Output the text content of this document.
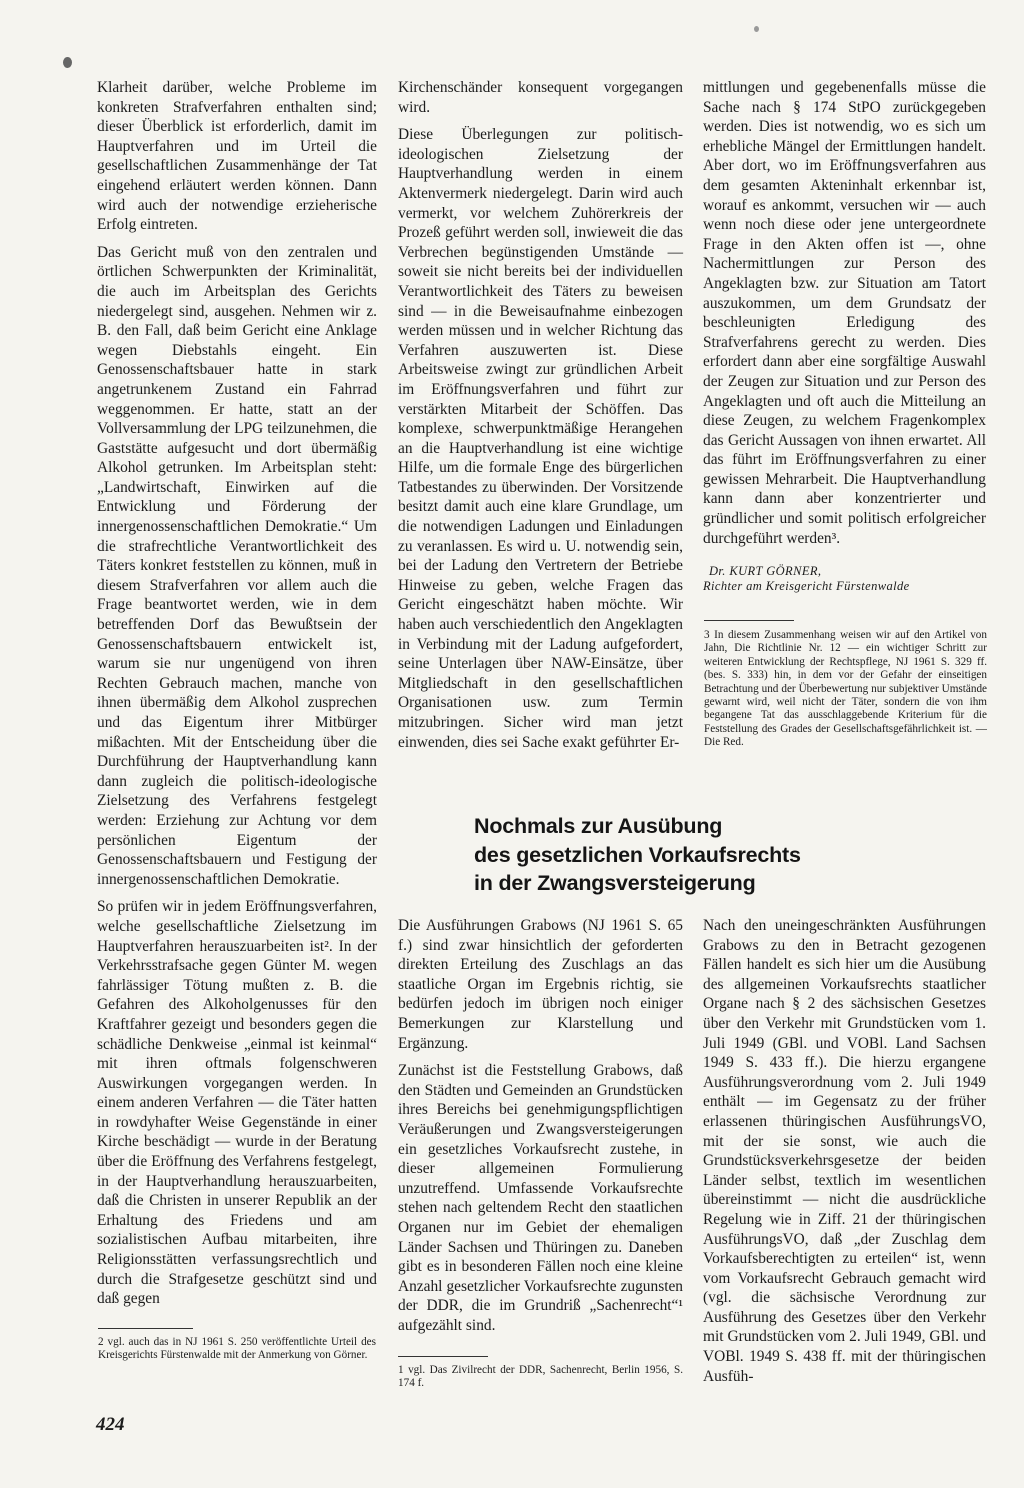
Klarheit darüber, welche Probleme im konkreten Strafverfahren enthalten sind; dieser Überblick ist erforderlich, damit im Hauptverfahren und im Urteil die gesellschaftlichen Zusammenhänge der Tat eingehend erläutert werden können. Dann wird auch der notwendige erzieherische Erfolg eintreten.

Das Gericht muß von den zentralen und örtlichen Schwerpunkten der Kriminalität, die auch im Arbeitsplan des Gerichts niedergelegt sind, ausgehen. Nehmen wir z. B. den Fall, daß beim Gericht eine Anklage wegen Diebstahls eingeht. Ein Genossenschaftsbauer hatte in stark angetrunkenem Zustand ein Fahrrad weggenommen. Er hatte, statt an der Vollversammlung der LPG teilzunehmen, die Gaststätte aufgesucht und dort übermäßig Alkohol getrunken. Im Arbeitsplan steht: „Landwirtschaft, Einwirken auf die Entwicklung und Förderung der innergenossenschaftlichen Demokratie.“ Um die strafrechtliche Verantwortlichkeit des Täters konkret feststellen zu können, muß in diesem Strafverfahren vor allem auch die Frage beantwortet werden, wie in dem betreffenden Dorf das Bewußtsein der Genossenschaftsbauern entwickelt ist, warum sie nur ungenügend von ihren Rechten Gebrauch machen, manche von ihnen übermäßig dem Alkohol zusprechen und das Eigentum ihrer Mitbürger mißachten. Mit der Entscheidung über die Durchführung der Hauptverhandlung kann dann zugleich die politisch-ideologische Zielsetzung des Verfahrens festgelegt werden: Erziehung zur Achtung vor dem persönlichen Eigentum der Genossenschaftsbauern und Festigung der innergenossenschaftlichen Demokratie.

So prüfen wir in jedem Eröffnungsverfahren, welche gesellschaftliche Zielsetzung im Hauptverfahren herauszuarbeiten ist². In der Verkehrsstrafsache gegen Günter M. wegen fahrlässiger Tötung mußten z. B. die Gefahren des Alkoholgenusses für den Kraftfahrer gezeigt und besonders gegen die schädliche Denkweise „einmal ist keinmal“ mit ihren oftmals folgenschweren Auswirkungen vorgegangen werden. In einem anderen Verfahren — die Täter hatten in rowdyhafter Weise Gegenstände in einer Kirche beschädigt — wurde in der Beratung über die Eröffnung des Verfahrens festgelegt, in der Hauptverhandlung herauszuarbeiten, daß die Christen in unserer Republik an der Erhaltung des Friedens und am sozialistischen Aufbau mitarbeiten, ihre Religionsstätten verfassungsrechtlich und durch die Strafgesetze geschützt sind und daß gegen

2 vgl. auch das in NJ 1961 S. 250 veröffentlichte Urteil des Kreisgerichts Fürstenwalde mit der Anmerkung von Görner.

Kirchenschänder konsequent vorgegangen wird.

Diese Überlegungen zur politisch-ideologischen Zielsetzung der Hauptverhandlung werden in einem Aktenvermerk niedergelegt. Darin wird auch vermerkt, vor welchem Zuhörerkreis der Prozeß geführt werden soll, inwieweit die das Verbrechen begünstigenden Umstände — soweit sie nicht bereits bei der individuellen Verantwortlichkeit des Täters zu beweisen sind — in die Beweisaufnahme einbezogen werden müssen und in welcher Richtung das Verfahren auszuwerten ist. Diese Arbeitsweise zwingt zur gründlichen Arbeit im Eröffnungsverfahren und führt zur verstärkten Mitarbeit der Schöffen. Das komplexe, schwerpunktmäßige Herangehen an die Hauptverhandlung ist eine wichtige Hilfe, um die formale Enge des bürgerlichen Tatbestandes zu überwinden. Der Vorsitzende besitzt damit auch eine klare Grundlage, um die notwendigen Ladungen und Einladungen zu veranlassen. Es wird u. U. notwendig sein, bei der Ladung den Vertretern der Betriebe Hinweise zu geben, welche Fragen das Gericht eingeschätzt haben möchte. Wir haben auch verschiedentlich den Angeklagten in Verbindung mit der Ladung aufgefordert, seine Unterlagen über NAW-Einsätze, über Mitgliedschaft in den gesellschaftlichen Organisationen usw. zum Termin mitzubringen. Sicher wird man jetzt einwenden, dies sei Sache exakt geführter Er-

mittlungen und gegebenenfalls müsse die Sache nach § 174 StPO zurückgegeben werden. Dies ist notwendig, wo es sich um erhebliche Mängel der Ermittlungen handelt. Aber dort, wo im Eröffnungsverfahren aus dem gesamten Akteninhalt erkennbar ist, worauf es ankommt, versuchen wir — auch wenn noch diese oder jene untergeordnete Frage in den Akten offen ist —, ohne Nachermittlungen zur Person des Angeklagten bzw. zur Situation am Tatort auszukommen, um dem Grundsatz der beschleunigten Erledigung des Strafverfahrens gerecht zu werden. Dies erfordert dann aber eine sorgfältige Auswahl der Zeugen zur Situation und zur Person des Angeklagten und oft auch die Mitteilung an diese Zeugen, zu welchem Fragenkomplex das Gericht Aussagen von ihnen erwartet. All das führt im Eröffnungsverfahren zu einer gewissen Mehrarbeit. Die Hauptverhandlung kann dann aber konzentrierter und gründlicher und somit politisch erfolgreicher durchgeführt werden³.

Dr. KURT GÖRNER,
Richter am Kreisgericht Fürstenwalde
3 In diesem Zusammenhang weisen wir auf den Artikel von Jahn, Die Richtlinie Nr. 12 — ein wichtiger Schritt zur weiteren Entwicklung der Rechtspflege, NJ 1961 S. 329 ff. (bes. S. 333) hin, in dem vor der Gefahr der einseitigen Betrachtung und der Überbewertung nur subjektiver Umstände gewarnt wird, weil nicht der Täter, sondern die von ihm begangene Tat das ausschlaggebende Kriterium für die Feststellung des Grades der Gesellschaftsgefährlichkeit ist. — Die Red.
Nochmals zur Ausübung
des gesetzlichen Vorkaufsrechts
in der Zwangsversteigerung

Die Ausführungen Grabows (NJ 1961 S. 65 f.) sind zwar hinsichtlich der geforderten direkten Erteilung des Zuschlags an das staatliche Organ im Ergebnis richtig, sie bedürfen jedoch im übrigen noch einiger Bemerkungen zur Klarstellung und Ergänzung.

Zunächst ist die Feststellung Grabows, daß den Städten und Gemeinden an Grundstücken ihres Bereichs bei genehmigungspflichtigen Veräußerungen und Zwangsversteigerungen ein gesetzliches Vorkaufsrecht zustehe, in dieser allgemeinen Formulierung unzutreffend. Umfassende Vorkaufsrechte stehen nach geltendem Recht den staatlichen Organen nur im Gebiet der ehemaligen Länder Sachsen und Thüringen zu. Daneben gibt es in besonderen Fällen noch eine kleine Anzahl gesetzlicher Vorkaufsrechte zugunsten der DDR, die im Grundriß „Sachenrecht“¹ aufgezählt sind.

1 vgl. Das Zivilrecht der DDR, Sachenrecht, Berlin 1956, S. 174 f.

Nach den uneingeschränkten Ausführungen Grabows zu den in Betracht gezogenen Fällen handelt es sich hier um die Ausübung des allgemeinen Vorkaufsrechts staatlicher Organe nach § 2 des sächsischen Gesetzes über den Verkehr mit Grundstücken vom 1. Juli 1949 (GBl. und VOBl. Land Sachsen 1949 S. 433 ff.). Die hierzu ergangene Ausführungsverordnung vom 2. Juli 1949 enthält — im Gegensatz zu der früher erlassenen thüringischen AusführungsVO, mit der sie sonst, wie auch die Grundstücksverkehrsgesetze der beiden Länder selbst, textlich im wesentlichen übereinstimmt — nicht die ausdrückliche Regelung wie in Ziff. 21 der thüringischen AusführungsVO, daß „der Zuschlag dem Vorkaufsberechtigten zu erteilen“ ist, wenn vom Vorkaufsrecht Gebrauch gemacht wird (vgl. die sächsische Verordnung zur Ausführung des Gesetzes über den Verkehr mit Grundstücken vom 2. Juli 1949, GBl. und VOBl. 1949 S. 438 ff. mit der thüringischen Ausfüh-

424
